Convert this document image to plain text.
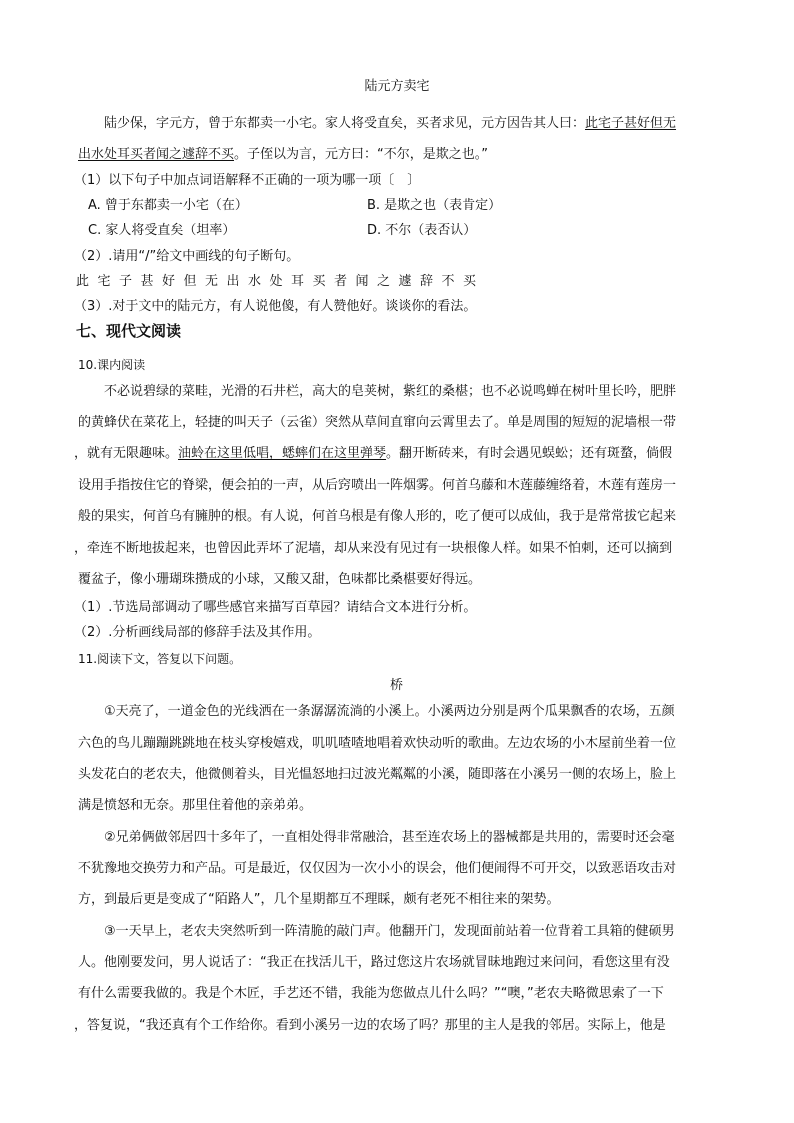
陆元方卖宅
陆少保，字元方，曾于东都卖一小宅。家人将受直矣，买者求见，元方因告其人曰：此宅子甚好但无
出水处耳买者闻之遽辞不买。子侄以为言，元方曰：“不尔，是欺之也。”
（1）以下句子中加点词语解释不正确的一项为哪一项〔　〕
A. 曾于东都卖一小宅（在）	B. 是欺之也（表肯定）
C. 家人将受直矣（坦率）	D. 不尔（表否认）
（2）.请用“/”给文中画线的句子断句。
此宅子甚好但无出水处耳买者闻之遽辞不买
（3）.对于文中的陆元方，有人说他傻，有人赞他好。谈谈你的看法。
七、现代文阅读
10.课内阅读
不必说碧绿的菜畦，光滑的石井栏，高大的皂荚树，紫红的桑椹；也不必说鸣蝉在树叶里长吟，肥胖
的黄蜂伏在菜花上，轻捷的叫天子（云雀）突然从草间直窜向云霄里去了。单是周围的短短的泥墙根一带
，就有无限趣味。油蛉在这里低唱，蟋蟀们在这里弹琴。翻开断砖来，有时会遇见蜈蚣；还有斑蝥，倘假
设用手指按住它的脊梁，便会拍的一声，从后窍喷出一阵烟雾。何首乌藤和木莲藤缠络着，木莲有莲房一
般的果实，何首乌有臃肿的根。有人说，何首乌根是有像人形的，吃了便可以成仙，我于是常常拔它起来
，牵连不断地拔起来，也曾因此弄坏了泥墙，却从来没有见过有一块根像人样。如果不怕刺，还可以摘到
覆盆子，像小珊瑚珠攒成的小球，又酸又甜，色味都比桑椹要好得远。
（1）.节选局部调动了哪些感官来描写百草园？请结合文本进行分析。
（2）.分析画线局部的修辞手法及其作用。
11.阅读下文，答复以下问题。
桥
①天亮了，一道金色的光线洒在一条潺潺流淌的小溪上。小溪两边分别是两个瓜果飘香的农场，五颜
六色的鸟儿蹦蹦跳跳地在枝头穿梭嬉戏，叽叽喳喳地唱着欢快动听的歌曲。左边农场的小木屋前坐着一位
头发花白的老农夫，他微侧着头，目光愠怒地扫过波光粼粼的小溪，随即落在小溪另一侧的农场上，脸上
满是愤怒和无奈。那里住着他的亲弟弟。
②兄弟俩做邻居四十多年了，一直相处得非常融洽，甚至连农场上的器械都是共用的，需要时还会毫
不犹豫地交换劳力和产品。可是最近，仅仅因为一次小小的误会，他们便闹得不可开交，以致恶语攻击对
方，到最后更是变成了“陌路人”，几个星期都互不理睬，颇有老死不相往来的架势。
③一天早上，老农夫突然听到一阵清脆的敲门声。他翻开门，发现面前站着一位背着工具箱的健硕男
人。他刚要发问，男人说话了：“我正在找活儿干，路过您这片农场就冒昧地跑过来问问，看您这里有没
有什么需要我做的。我是个木匠，手艺还不错，我能为您做点儿什么吗？”“噢，”老农夫略微思索了一下
，答复说，“我还真有个工作给你。看到小溪另一边的农场了吗？那里的主人是我的邻居。实际上，他是
